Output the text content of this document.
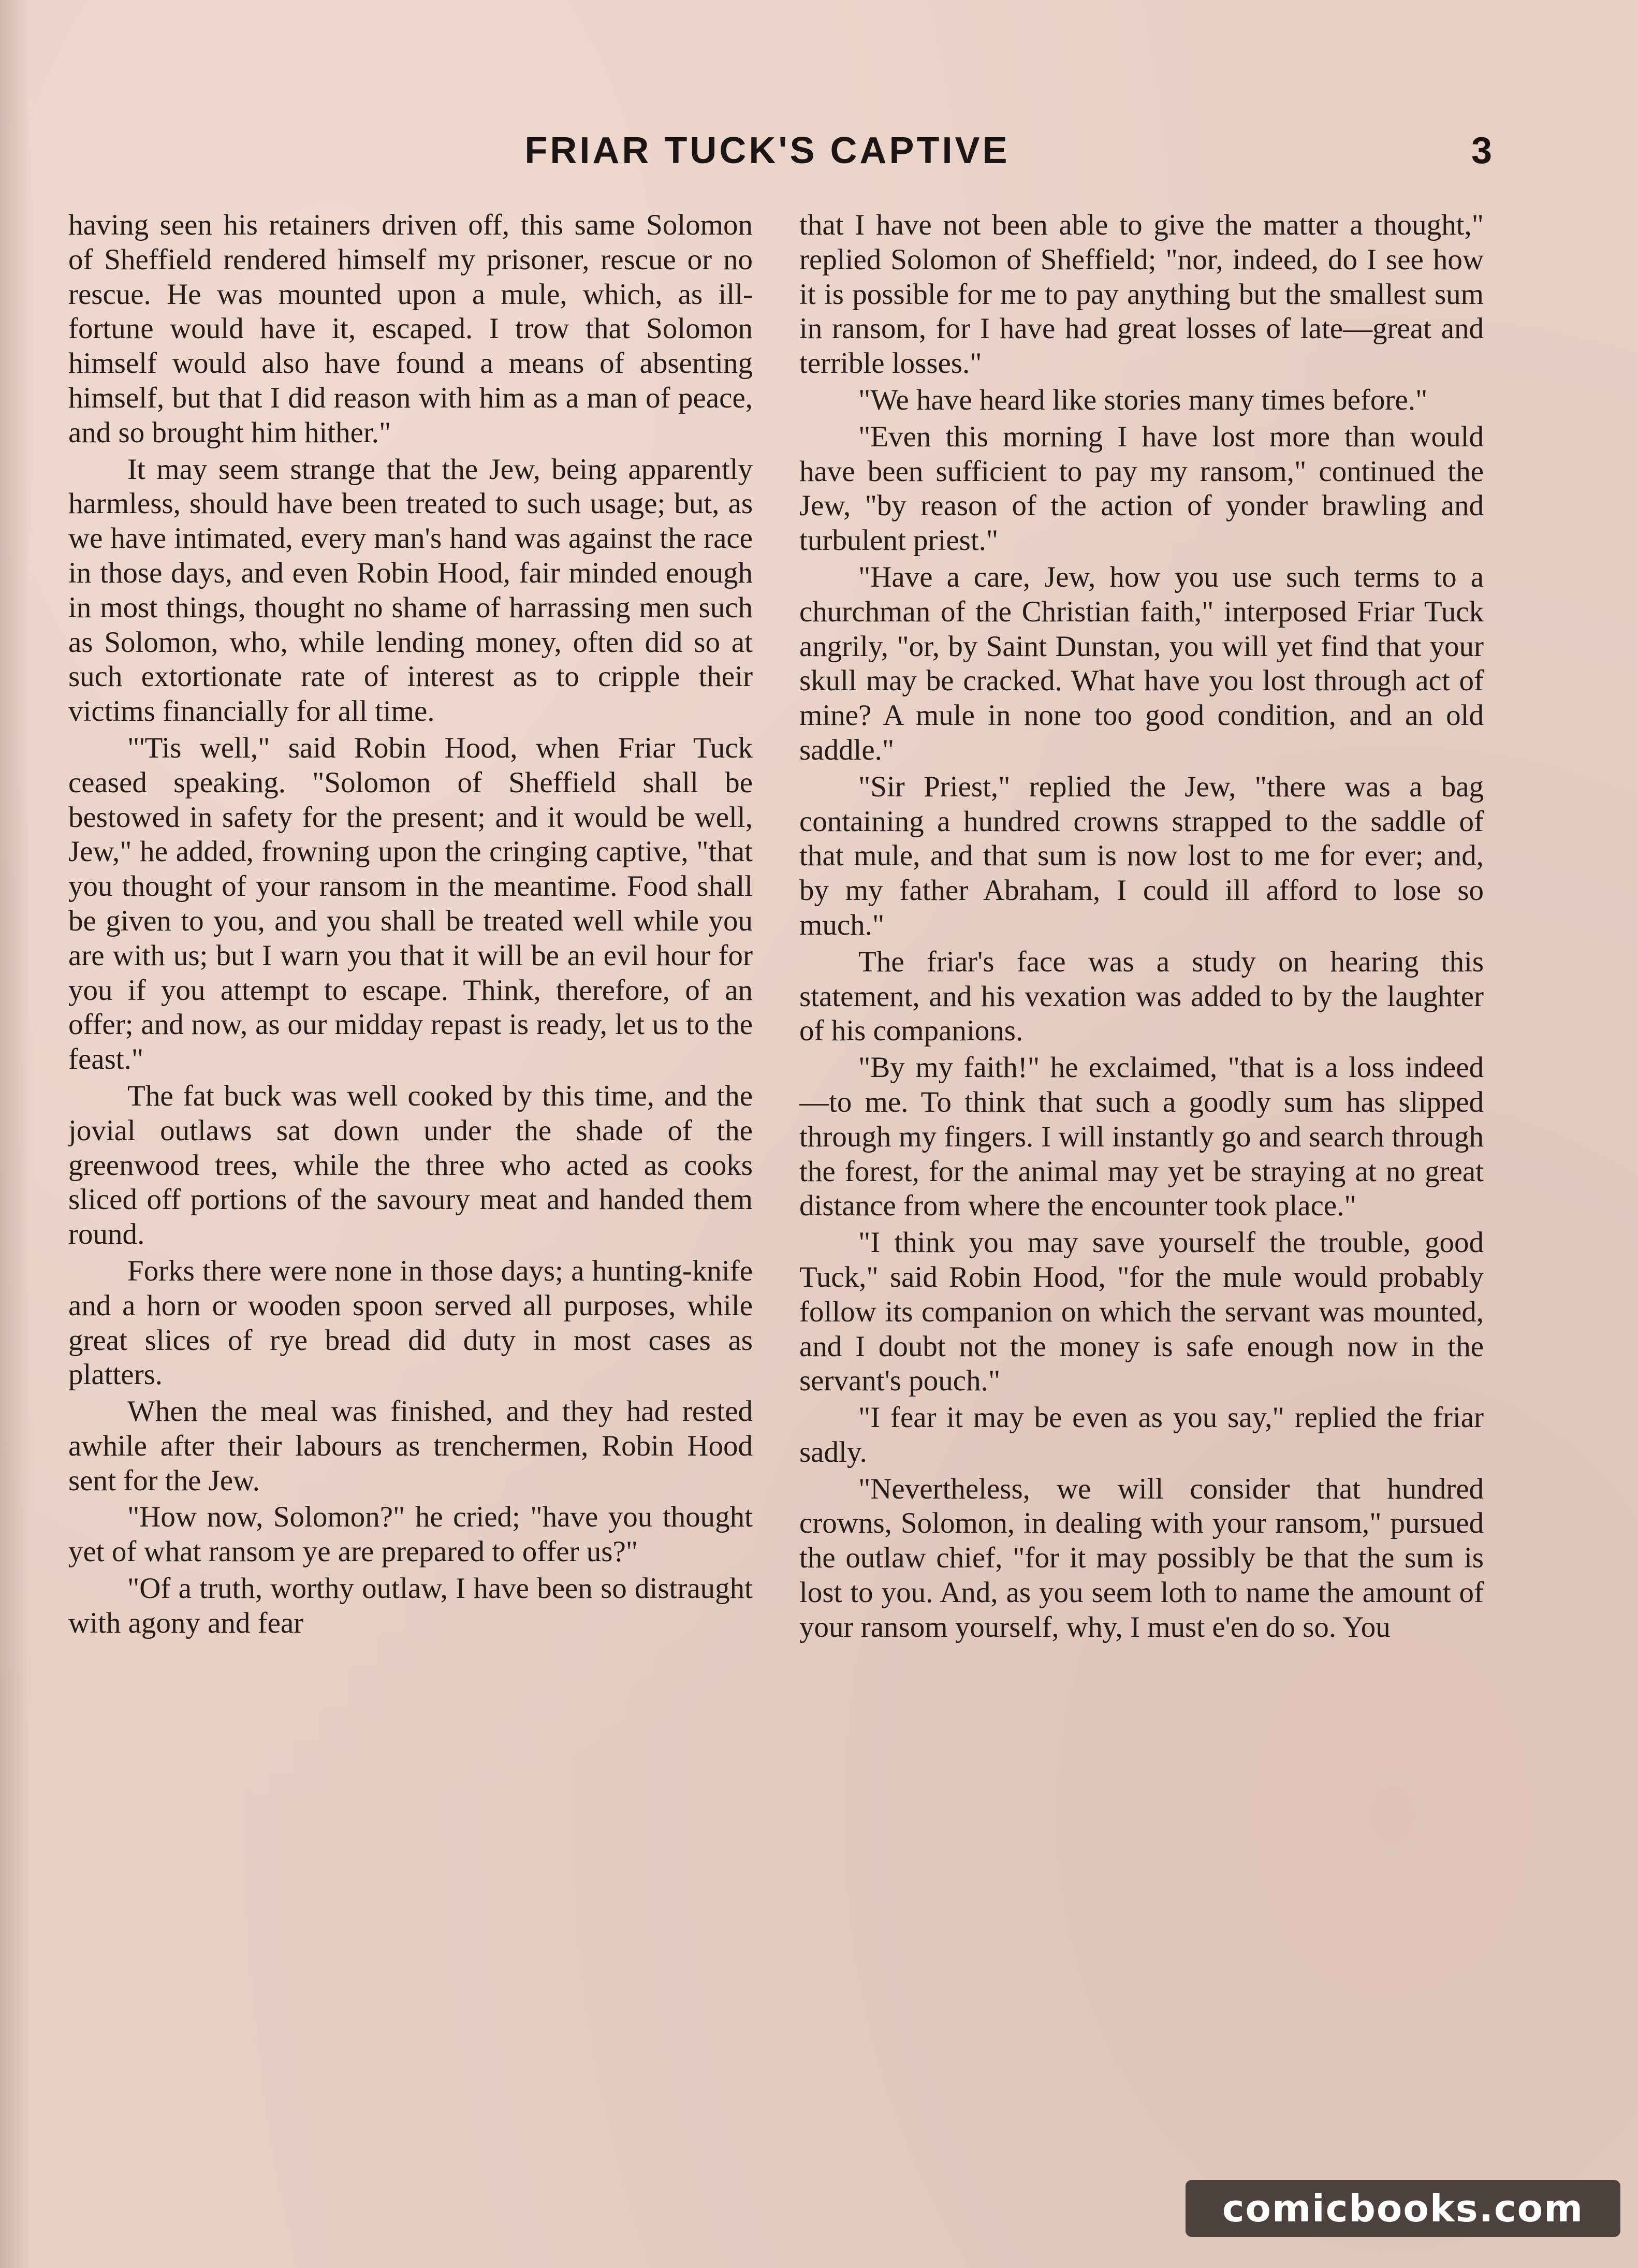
FRIAR TUCK'S CAPTIVE	3

having seen his retainers driven off, this same Solomon of Sheffield rendered himself my prisoner, rescue or no rescue. He was mounted upon a mule, which, as ill-fortune would have it, escaped. I trow that Solomon himself would also have found a means of absenting himself, but that I did reason with him as a man of peace, and so brought him hither."

It may seem strange that the Jew, being apparently harmless, should have been treated to such usage; but, as we have intimated, every man's hand was against the race in those days, and even Robin Hood, fair minded enough in most things, thought no shame of harrassing men such as Solomon, who, while lending money, often did so at such extortionate rate of interest as to cripple their victims financially for all time.

"'Tis well," said Robin Hood, when Friar Tuck ceased speaking. "Solomon of Sheffield shall be bestowed in safety for the present; and it would be well, Jew," he added, frowning upon the cringing captive, "that you thought of your ransom in the meantime. Food shall be given to you, and you shall be treated well while you are with us; but I warn you that it will be an evil hour for you if you attempt to escape. Think, therefore, of an offer; and now, as our midday repast is ready, let us to the feast."

The fat buck was well cooked by this time, and the jovial outlaws sat down under the shade of the greenwood trees, while the three who acted as cooks sliced off portions of the savoury meat and handed them round.

Forks there were none in those days; a hunting-knife and a horn or wooden spoon served all purposes, while great slices of rye bread did duty in most cases as platters.

When the meal was finished, and they had rested awhile after their labours as trenchermen, Robin Hood sent for the Jew.

"How now, Solomon?" he cried; "have you thought yet of what ransom ye are prepared to offer us?"

"Of a truth, worthy outlaw, I have been so distraught with agony and fear

that I have not been able to give the matter a thought," replied Solomon of Sheffield; "nor, indeed, do I see how it is possible for me to pay anything but the smallest sum in ransom, for I have had great losses of late—great and terrible losses."

"We have heard like stories many times before."

"Even this morning I have lost more than would have been sufficient to pay my ransom," continued the Jew, "by reason of the action of yonder brawling and turbulent priest."

"Have a care, Jew, how you use such terms to a churchman of the Christian faith," interposed Friar Tuck angrily, "or, by Saint Dunstan, you will yet find that your skull may be cracked. What have you lost through act of mine? A mule in none too good condition, and an old saddle."

"Sir Priest," replied the Jew, "there was a bag containing a hundred crowns strapped to the saddle of that mule, and that sum is now lost to me for ever; and, by my father Abraham, I could ill afford to lose so much."

The friar's face was a study on hearing this statement, and his vexation was added to by the laughter of his companions.

"By my faith!" he exclaimed, "that is a loss indeed—to me. To think that such a goodly sum has slipped through my fingers. I will instantly go and search through the forest, for the animal may yet be straying at no great distance from where the encounter took place."

"I think you may save yourself the trouble, good Tuck," said Robin Hood, "for the mule would probably follow its companion on which the servant was mounted, and I doubt not the money is safe enough now in the servant's pouch."

"I fear it may be even as you say," replied the friar sadly.

"Nevertheless, we will consider that hundred crowns, Solomon, in dealing with your ransom," pursued the outlaw chief, "for it may possibly be that the sum is lost to you. And, as you seem loth to name the amount of your ransom yourself, why, I must e'en do so. You

comicbooks.com
